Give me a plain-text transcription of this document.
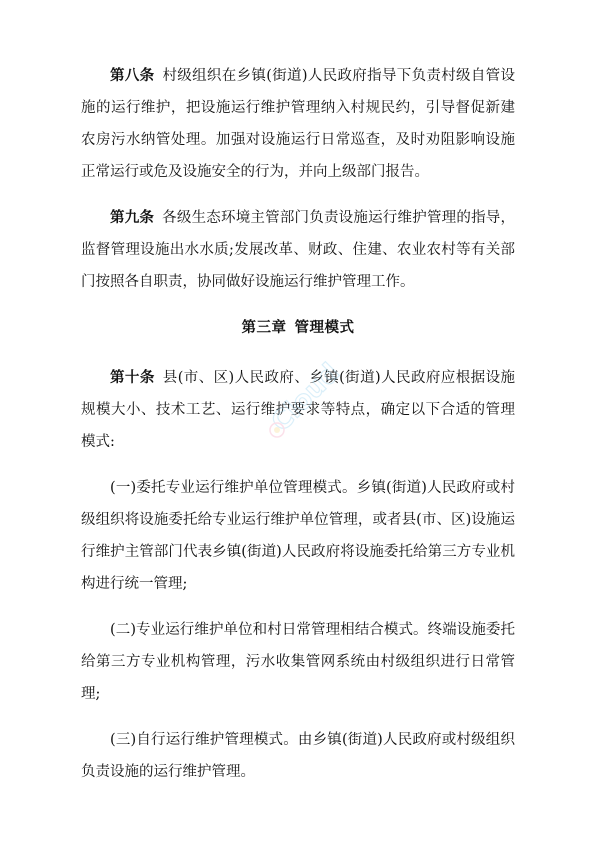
第八条 村级组织在乡镇(街道)人民政府指导下负责村级自管设施的运行维护，把设施运行维护管理纳入村规民约，引导督促新建农房污水纳管处理。加强对设施运行日常巡查，及时劝阻影响设施正常运行或危及设施安全的行为，并向上级部门报告。

第九条 各级生态环境主管部门负责设施运行维护管理的指导，监督管理设施出水水质;发展改革、财政、住建、农业农村等有关部门按照各自职责，协同做好设施运行维护管理工作。

第三章 管理模式

第十条 县(市、区)人民政府、乡镇(街道)人民政府应根据设施规模大小、技术工艺、运行维护要求等特点，确定以下合适的管理模式:

(一)委托专业运行维护单位管理模式。乡镇(街道)人民政府或村级组织将设施委托给专业运行维护单位管理，或者县(市、区)设施运行维护主管部门代表乡镇(街道)人民政府将设施委托给第三方专业机构进行统一管理;

(二)专业运行维护单位和村日常管理相结合模式。终端设施委托给第三方专业机构管理，污水收集管网系统由村级组织进行日常管理;

(三)自行运行维护管理模式。由乡镇(街道)人民政府或村级组织负责设施的运行维护管理。

Cloud
